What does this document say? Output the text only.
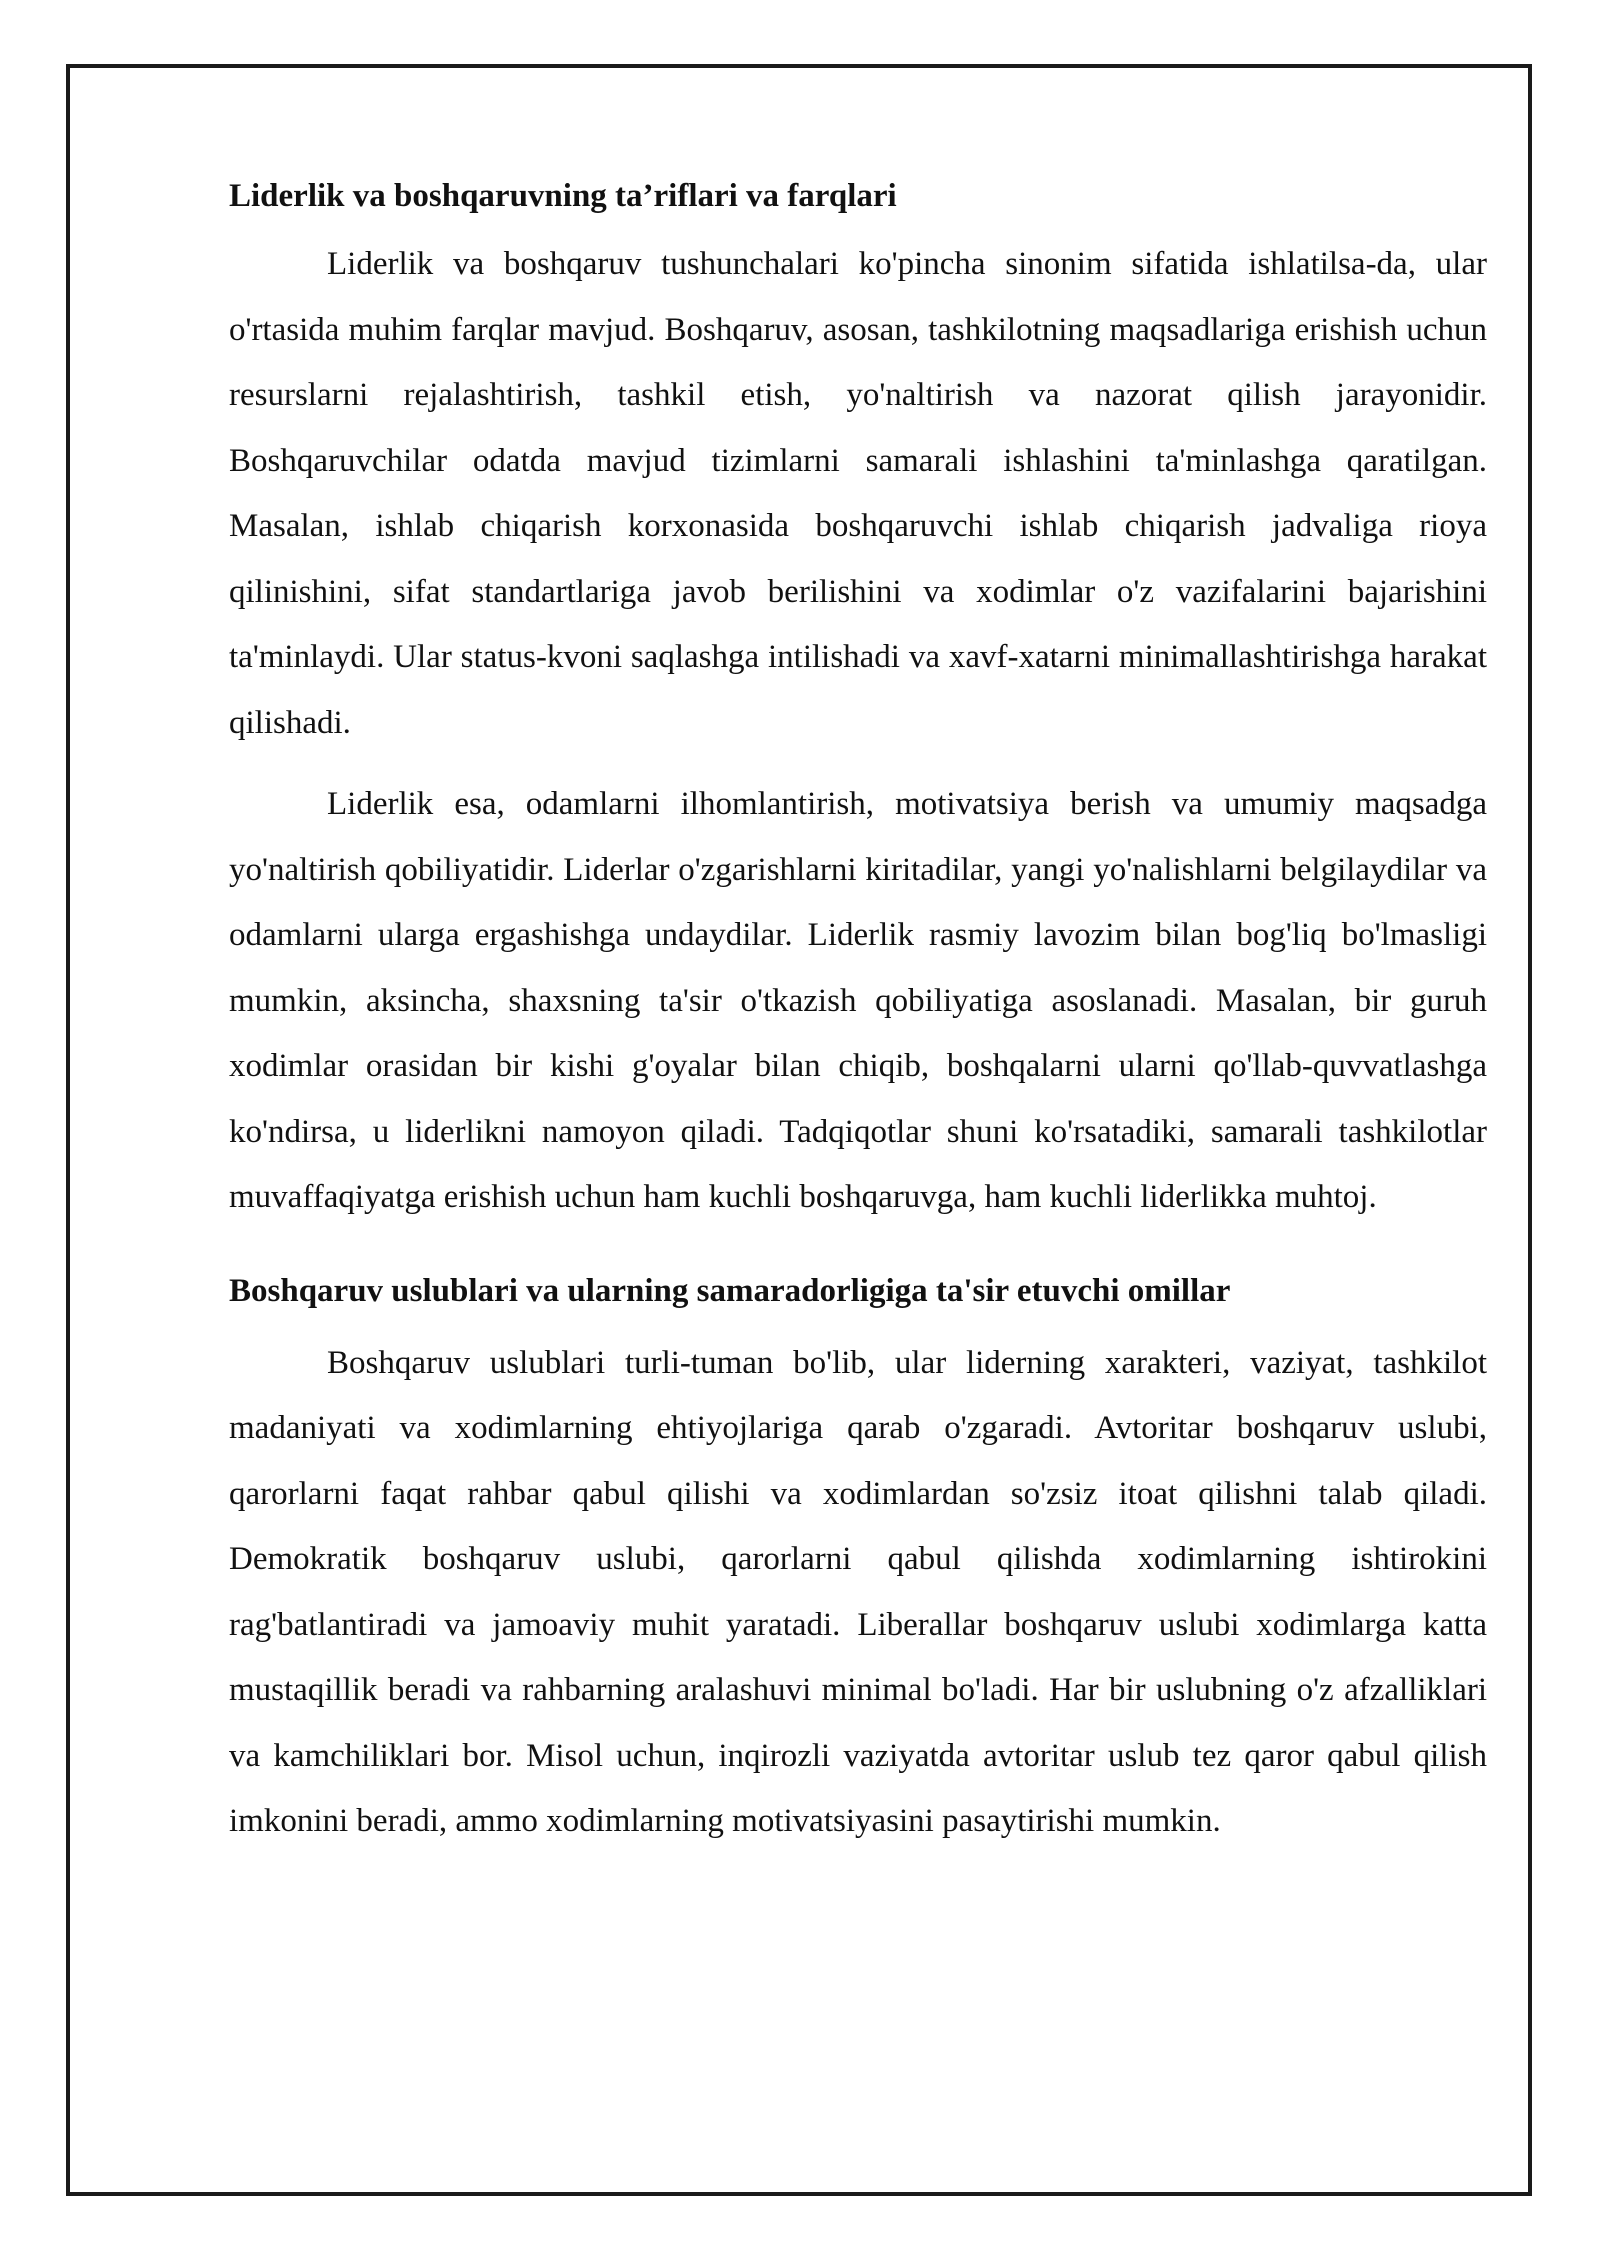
Liderlik va boshqaruvning ta’riflari va farqlari

Liderlik va boshqaruv tushunchalari ko'pincha sinonim sifatida ishlatilsa-da, ular o'rtasida muhim farqlar mavjud. Boshqaruv, asosan, tashkilotning maqsadlariga erishish uchun resurslarni rejalashtirish, tashkil etish, yo'naltirish va nazorat qilish jarayonidir. Boshqaruvchilar odatda mavjud tizimlarni samarali ishlashini ta'minlashga qaratilgan. Masalan, ishlab chiqarish korxonasida boshqaruvchi ishlab chiqarish jadvaliga rioya qilinishini, sifat standartlariga javob berilishini va xodimlar o'z vazifalarini bajarishini ta'minlaydi. Ular status-kvoni saqlashga intilishadi va xavf-xatarni minimallashtirishga harakat qilishadi.

Liderlik esa, odamlarni ilhomlantirish, motivatsiya berish va umumiy maqsadga yo'naltirish qobiliyatidir. Liderlar o'zgarishlarni kiritadilar, yangi yo'nalishlarni belgilaydilar va odamlarni ularga ergashishga undaydilar. Liderlik rasmiy lavozim bilan bog'liq bo'lmasligi mumkin, aksincha, shaxsning ta'sir o'tkazish qobiliyatiga asoslanadi. Masalan, bir guruh xodimlar orasidan bir kishi g'oyalar bilan chiqib, boshqalarni ularni qo'llab-quvvatlashga ko'ndirsa, u liderlikni namoyon qiladi. Tadqiqotlar shuni ko'rsatadiki, samarali tashkilotlar muvaffaqiyatga erishish uchun ham kuchli boshqaruvga, ham kuchli liderlikka muhtoj.

Boshqaruv uslublari va ularning samaradorligiga ta'sir etuvchi omillar

Boshqaruv uslublari turli-tuman bo'lib, ular liderning xarakteri, vaziyat, tashkilot madaniyati va xodimlarning ehtiyojlariga qarab o'zgaradi. Avtoritar boshqaruv uslubi, qarorlarni faqat rahbar qabul qilishi va xodimlardan so'zsiz itoat qilishni talab qiladi. Demokratik boshqaruv uslubi, qarorlarni qabul qilishda xodimlarning ishtirokini rag'batlantiradi va jamoaviy muhit yaratadi. Liberallar boshqaruv uslubi xodimlarga katta mustaqillik beradi va rahbarning aralashuvi minimal bo'ladi. Har bir uslubning o'z afzalliklari va kamchiliklari bor. Misol uchun, inqirozli vaziyatda avtoritar uslub tez qaror qabul qilish imkonini beradi, ammo xodimlarning motivatsiyasini pasaytirishi mumkin.
